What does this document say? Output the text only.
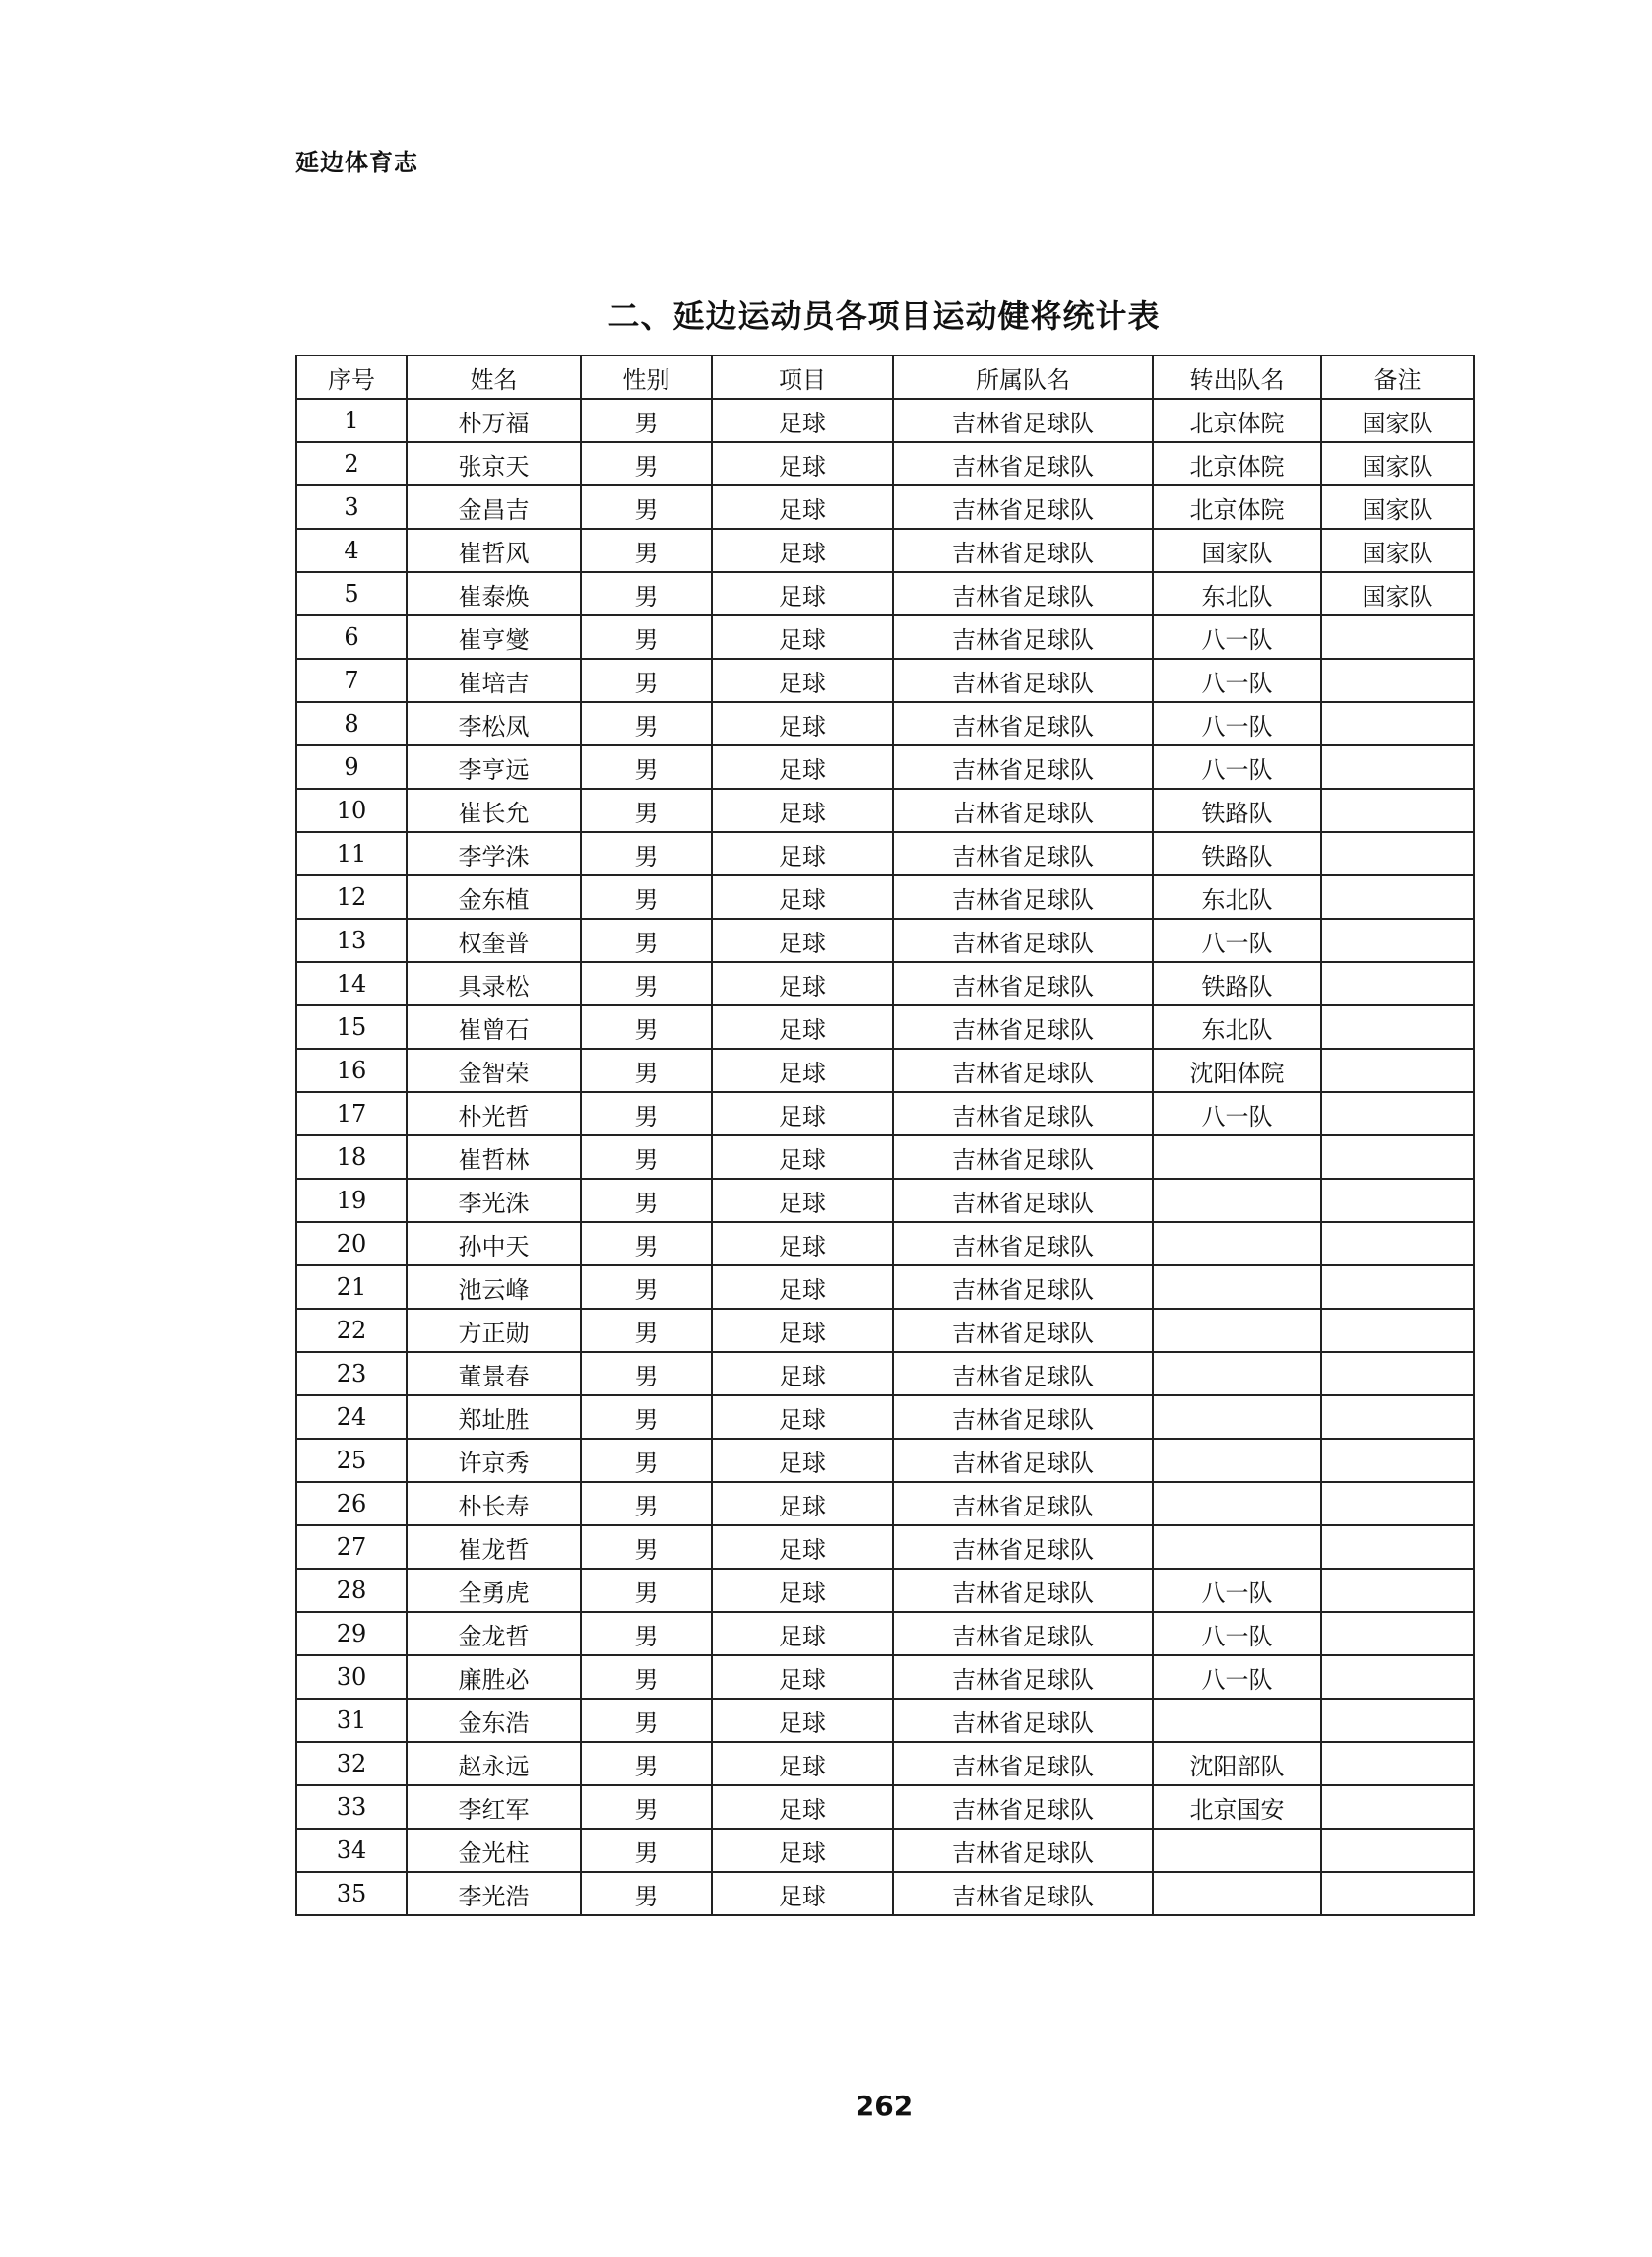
延边体育志
二、延边运动员各项目运动健将统计表
序号	姓名	性别	项目	所属队名	转出队名	备注
1	朴万福	男	足球	吉林省足球队	北京体院	国家队
2	张京天	男	足球	吉林省足球队	北京体院	国家队
3	金昌吉	男	足球	吉林省足球队	北京体院	国家队
4	崔哲风	男	足球	吉林省足球队	国家队	国家队
5	崔泰焕	男	足球	吉林省足球队	东北队	国家队
6	崔亨燮	男	足球	吉林省足球队	八一队	
7	崔培吉	男	足球	吉林省足球队	八一队	
8	李松凤	男	足球	吉林省足球队	八一队	
9	李亨远	男	足球	吉林省足球队	八一队	
10	崔长允	男	足球	吉林省足球队	铁路队	
11	李学洙	男	足球	吉林省足球队	铁路队	
12	金东植	男	足球	吉林省足球队	东北队	
13	权奎普	男	足球	吉林省足球队	八一队	
14	具录松	男	足球	吉林省足球队	铁路队	
15	崔曾石	男	足球	吉林省足球队	东北队	
16	金智荣	男	足球	吉林省足球队	沈阳体院	
17	朴光哲	男	足球	吉林省足球队	八一队	
18	崔哲林	男	足球	吉林省足球队		
19	李光洙	男	足球	吉林省足球队		
20	孙中天	男	足球	吉林省足球队		
21	池云峰	男	足球	吉林省足球队		
22	方正勋	男	足球	吉林省足球队		
23	董景春	男	足球	吉林省足球队		
24	郑址胜	男	足球	吉林省足球队		
25	许京秀	男	足球	吉林省足球队		
26	朴长寿	男	足球	吉林省足球队		
27	崔龙哲	男	足球	吉林省足球队		
28	全勇虎	男	足球	吉林省足球队	八一队	
29	金龙哲	男	足球	吉林省足球队	八一队	
30	廉胜必	男	足球	吉林省足球队	八一队	
31	金东浩	男	足球	吉林省足球队		
32	赵永远	男	足球	吉林省足球队	沈阳部队	
33	李红军	男	足球	吉林省足球队	北京国安	
34	金光柱	男	足球	吉林省足球队		
35	李光浩	男	足球	吉林省足球队		
262
